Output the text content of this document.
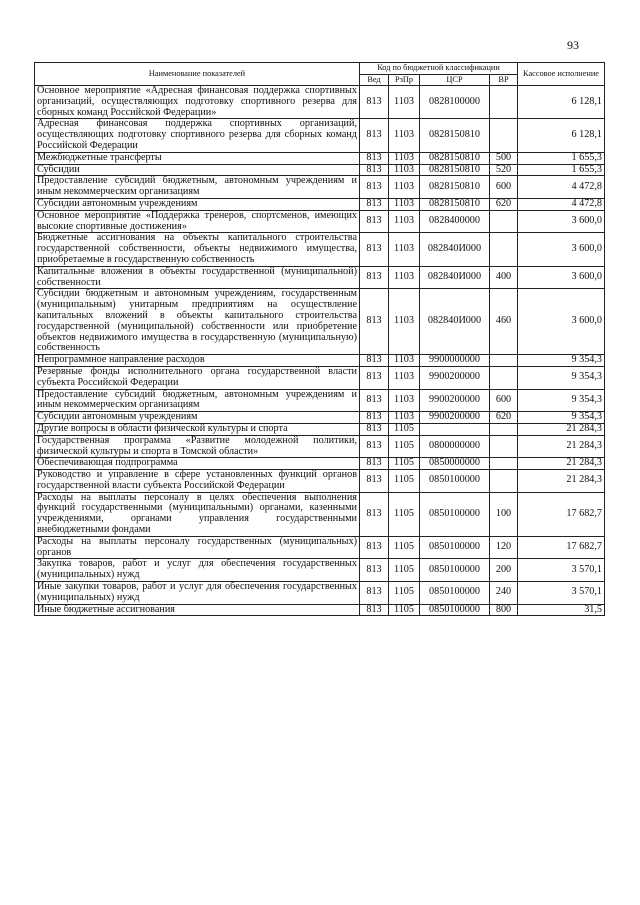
93
Наименование показателей	Код по бюджетной классификации				Кассовое исполнение
	Вед	РзПр	ЦСР	ВР	
Основное мероприятие «Адресная финансовая поддержка спортивных организаций, осуществляющих подготовку спортивного резерва для сборных команд Российской Федерации»	813	1103	0828100000		6 128,1
Адресная финансовая поддержка спортивных организаций, осуществляющих подготовку спортивного резерва для сборных команд Российской Федерации	813	1103	0828150810		6 128,1
Межбюджетные трансферты	813	1103	0828150810	500	1 655,3
Субсидии	813	1103	0828150810	520	1 655,3
Предоставление субсидий бюджетным, автономным учреждениям и иным некоммерческим организациям	813	1103	0828150810	600	4 472,8
Субсидии автономным учреждениям	813	1103	0828150810	620	4 472,8
Основное мероприятие «Поддержка тренеров, спортсменов, имеющих высокие спортивные достижения»	813	1103	0828400000		3 600,0
Бюджетные ассигнования на объекты капитального строительства государственной собственности, объекты недвижимого имущества, приобретаемые в государственную собственность	813	1103	082840И000		3 600,0
Капитальные вложения в объекты государственной (муниципальной) собственности	813	1103	082840И000	400	3 600,0
Субсидии бюджетным и автономным учреждениям, государственным (муниципальным) унитарным предприятиям на осуществление капитальных вложений в объекты капитального строительства государственной (муниципальной) собственности или приобретение объектов недвижимого имущества в государственную (муниципальную) собственность	813	1103	082840И000	460	3 600,0
Непрограммное направление расходов	813	1103	9900000000		9 354,3
Резервные фонды исполнительного органа государственной власти субъекта Российской Федерации	813	1103	9900200000		9 354,3
Предоставление субсидий бюджетным, автономным учреждениям и иным некоммерческим организациям	813	1103	9900200000	600	9 354,3
Субсидии автономным учреждениям	813	1103	9900200000	620	9 354,3
Другие вопросы в области физической культуры и спорта	813	1105			21 284,3
Государственная программа «Развитие молодежной политики, физической культуры и спорта в Томской области»	813	1105	0800000000		21 284,3
Обеспечивающая подпрограмма	813	1105	0850000000		21 284,3
Руководство и управление в сфере установленных функций органов государственной власти субъекта Российской Федерации	813	1105	0850100000		21 284,3
Расходы на выплаты персоналу в целях обеспечения выполнения функций государственными (муниципальными) органами, казенными учреждениями, органами управления государственными внебюджетными фондами	813	1105	0850100000	100	17 682,7
Расходы на выплаты персоналу государственных (муниципальных) органов	813	1105	0850100000	120	17 682,7
Закупка товаров, работ и услуг для обеспечения государственных (муниципальных) нужд	813	1105	0850100000	200	3 570,1
Иные закупки товаров, работ и услуг для обеспечения государственных (муниципальных) нужд	813	1105	0850100000	240	3 570,1
Иные бюджетные ассигнования	813	1105	0850100000	800	31,5
